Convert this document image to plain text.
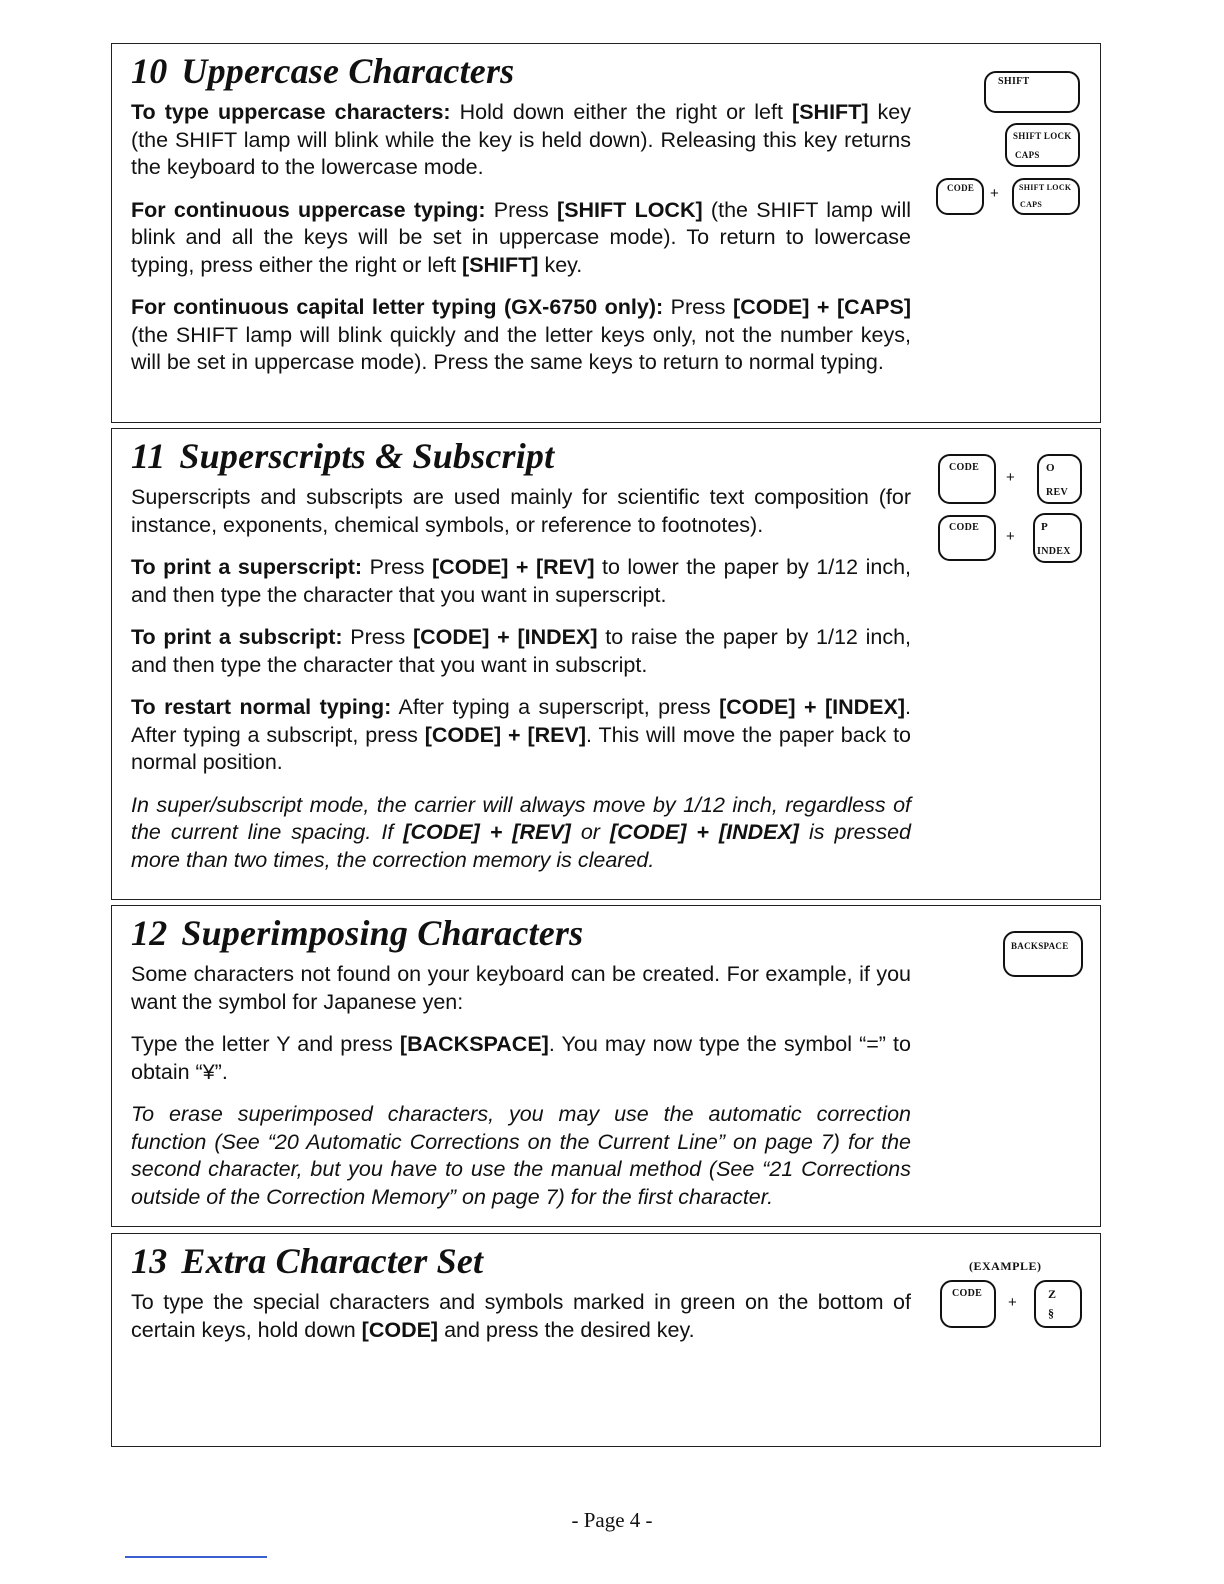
10 Uppercase Characters

To type uppercase characters: Hold down either the right or left [SHIFT] key (the SHIFT lamp will blink while the key is held down). Releasing this key returns the keyboard to the lowercase mode.

For continuous uppercase typing: Press [SHIFT LOCK] (the SHIFT lamp will blink and all the keys will be set in uppercase mode). To return to lowercase typing, press either the right or left [SHIFT] key.

For continuous capital letter typing (GX-6750 only): Press [CODE] + [CAPS] (the SHIFT lamp will blink quickly and the letter keys only, not the number keys, will be set in uppercase mode). Press the same keys to return to normal typing.

SHIFT
SHIFT LOCK
CAPS
CODE +	SHIFT LOCK
CAPS
11 Superscripts & Subscript

Superscripts and subscripts are used mainly for scientific text composition (for instance, exponents, chemical symbols, or reference to footnotes).

To print a superscript: Press [CODE] + [REV] to lower the paper by 1/12 inch, and then type the character that you want in superscript.

To print a subscript: Press [CODE] + [INDEX] to raise the paper by 1/12 inch, and then type the character that you want in subscript.

To restart normal typing: After typing a superscript, press [CODE] + [INDEX]. After typing a subscript, press [CODE] + [REV]. This will move the paper back to normal position.

In super/subscript mode, the carrier will always move by 1/12 inch, regardless of the current line spacing. If [CODE] + [REV] or [CODE] + [INDEX] is pressed more than two times, the correction memory is cleared.

CODE
+
O
REV
CODE
+
P
INDEX
12 Superimposing Characters

Some characters not found on your keyboard can be created. For example, if you want the symbol for Japanese yen:

Type the letter Y and press [BACKSPACE]. You may now type the symbol “=” to obtain “¥”.

To erase superimposed characters, you may use the automatic correction function (See “20 Automatic Corrections on the Current Line” on page 7) for the second character, but you have to use the manual method (See “21 Corrections outside of the Correction Memory” on page 7) for the first character.

BACKSPACE
13 Extra Character Set

To type the special characters and symbols marked in green on the bottom of certain keys, hold down [CODE] and press the desired key.

(EXAMPLE)
CODE
+	Z
§
- Page 4 -
